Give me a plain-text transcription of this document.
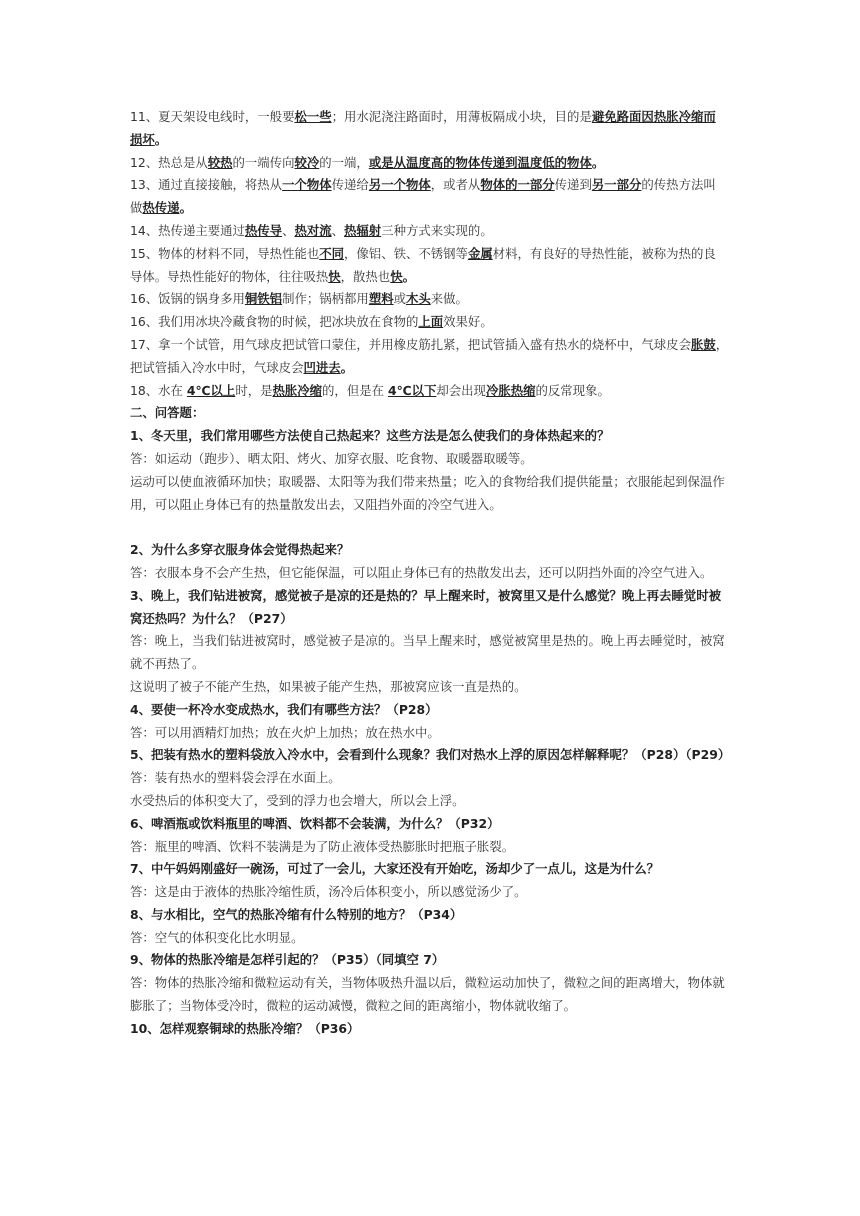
11、夏天架设电线时，一般要松一些；用水泥浇注路面时，用薄板隔成小块，目的是避免路面因热胀冷缩而
损坏。
12、热总是从较热的一端传向较冷的一端，或是从温度高的物体传递到温度低的物体。
13、通过直接接触，将热从一个物体传递给另一个物体，或者从物体的一部分传递到另一部分的传热方法叫
做热传递。
14、热传递主要通过热传导、热对流、热辐射三种方式来实现的。
15、物体的材料不同，导热性能也不同，像铝、铁、不锈钢等金属材料，有良好的导热性能，被称为热的良
导体。导热性能好的物体，往往吸热快，散热也快。
16、饭锅的锅身多用铜铁铝制作；锅柄都用塑料或木头来做。
16、我们用冰块冷藏食物的时候，把冰块放在食物的上面效果好。
17、拿一个试管，用气球皮把试管口蒙住，并用橡皮筋扎紧，把试管插入盛有热水的烧杯中，气球皮会胀鼓，
把试管插入冷水中时，气球皮会凹进去。
18、水在 4℃以上时，是热胀冷缩的，但是在 4℃以下却会出现冷胀热缩的反常现象。
二、问答题：
1、冬天里，我们常用哪些方法使自己热起来？这些方法是怎么使我们的身体热起来的？
答：如运动（跑步）、晒太阳、烤火、加穿衣服、吃食物、取暖器取暖等。
运动可以使血液循环加快；取暖器、太阳等为我们带来热量；吃入的食物给我们提供能量；衣服能起到保温作
用，可以阻止身体已有的热量散发出去，又阻挡外面的冷空气进入。
2、为什么多穿衣服身体会觉得热起来？
答：衣服本身不会产生热，但它能保温，可以阻止身体已有的热散发出去，还可以阴挡外面的冷空气进入。
3、晚上，我们钻进被窝，感觉被子是凉的还是热的？早上醒来时，被窝里又是什么感觉？晚上再去睡觉时被
窝还热吗？为什么？（P27）
答：晚上，当我们钻进被窝时，感觉被子是凉的。当早上醒来时，感觉被窝里是热的。晚上再去睡觉时，被窝
就不再热了。
这说明了被子不能产生热，如果被子能产生热，那被窝应该一直是热的。
4、要使一杯冷水变成热水，我们有哪些方法？（P28）
答：可以用酒精灯加热；放在火炉上加热；放在热水中。
5、把装有热水的塑料袋放入冷水中，会看到什么现象？我们对热水上浮的原因怎样解释呢？（P28）（P29）
答：装有热水的塑料袋会浮在水面上。
水受热后的体积变大了，受到的浮力也会增大，所以会上浮。
6、啤酒瓶或饮料瓶里的啤酒、饮料都不会装满，为什么？（P32）
答：瓶里的啤酒、饮料不装满是为了防止液体受热膨胀时把瓶子胀裂。
7、中午妈妈刚盛好一碗汤，可过了一会儿，大家还没有开始吃，汤却少了一点儿，这是为什么？
答：这是由于液体的热胀冷缩性质，汤冷后体积变小，所以感觉汤少了。
8、与水相比，空气的热胀冷缩有什么特别的地方？（P34）
答：空气的体积变化比水明显。
9、物体的热胀冷缩是怎样引起的？（P35）（同填空 7）
答：物体的热胀冷缩和微粒运动有关，当物体吸热升温以后，微粒运动加快了，微粒之间的距离增大，物体就
膨胀了；当物体受冷时，微粒的运动减慢，微粒之间的距离缩小，物体就收缩了。
10、怎样观察铜球的热胀冷缩？（P36）
